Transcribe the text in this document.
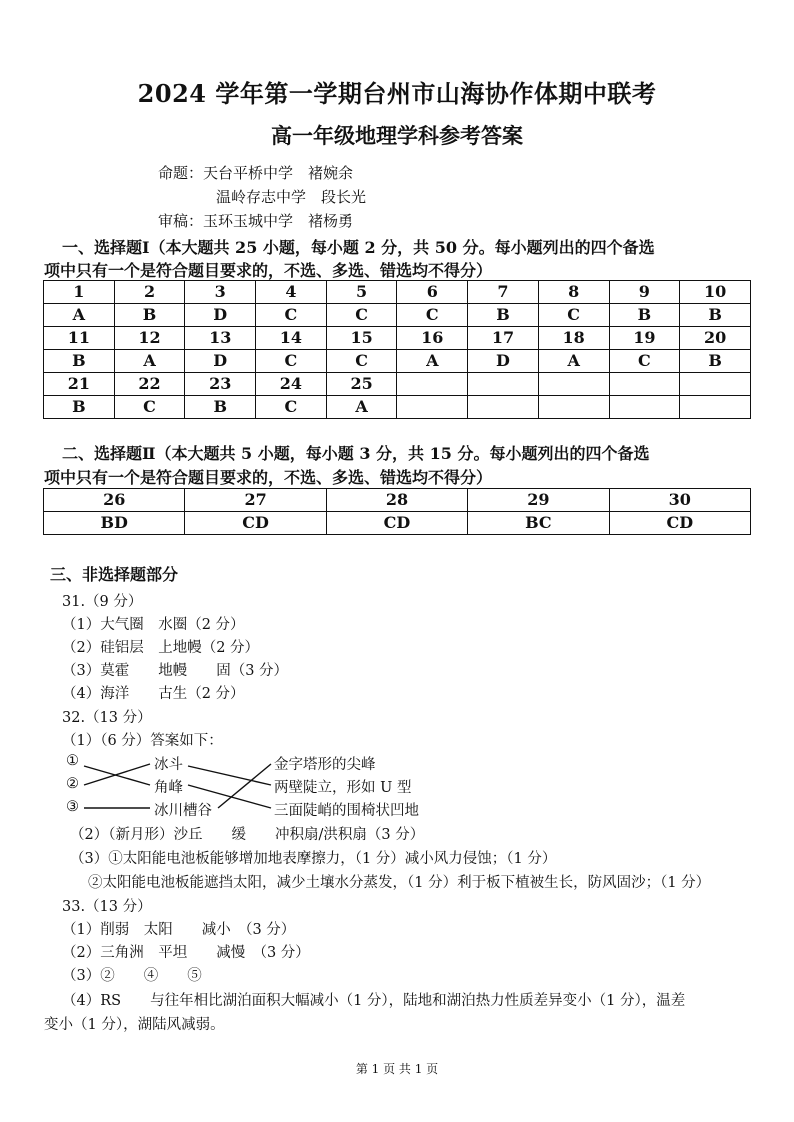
2024 学年第一学期台州市山海协作体期中联考
高一年级地理学科参考答案
命题：天台平桥中学　褚婉余
温岭存志中学　段长光
审稿：玉环玉城中学　褚杨勇
一、选择题Ⅰ（本大题共 25 小题，每小题 2 分，共 50 分。每小题列出的四个备选
项中只有一个是符合题目要求的，不选、多选、错选均不得分）
1	2	3	4	5	6	7	8	9	10
A	B	D	C	C	C	B	C	B	B
11	12	13	14	15	16	17	18	19	20
B	A	D	C	C	A	D	A	C	B
21	22	23	24	25					
B	C	B	C	A					
二、选择题Ⅱ（本大题共 5 小题，每小题 3 分，共 15 分。每小题列出的四个备选
项中只有一个是符合题目要求的，不选、多选、错选均不得分）
26	27	28	29	30
BD	CD	CD	BC	CD
三、非选择题部分
31.（9 分）
（1）大气圈　水圈（2 分）
（2）硅铝层　上地幔（2 分）
（3）莫霍　　地幔　　固（3 分）
（4）海洋　　古生（2 分）
32.（13 分）
（1）（6 分）答案如下：
①
②
③
冰斗
角峰
冰川槽谷
金字塔形的尖峰
两壁陡立，形如 U 型
三面陡峭的围椅状凹地
（2）（新月形）沙丘　　缓　　冲积扇/洪积扇（3 分）
（3）①太阳能电池板能够增加地表摩擦力，（1 分）减小风力侵蚀；（1 分）
②太阳能电池板能遮挡太阳，减少土壤水分蒸发，（1 分）利于板下植被生长，防风固沙；（1 分）
33.（13 分）
（1）削弱　太阳　　减小　（3 分）
（2）三角洲　平坦　　减慢　（3 分）
（3）②　　④　　⑤
（4）RS　　与往年相比湖泊面积大幅减小（1 分），陆地和湖泊热力性质差异变小（1 分），温差
变小（1 分），湖陆风减弱。
第 1 页 共 1 页
